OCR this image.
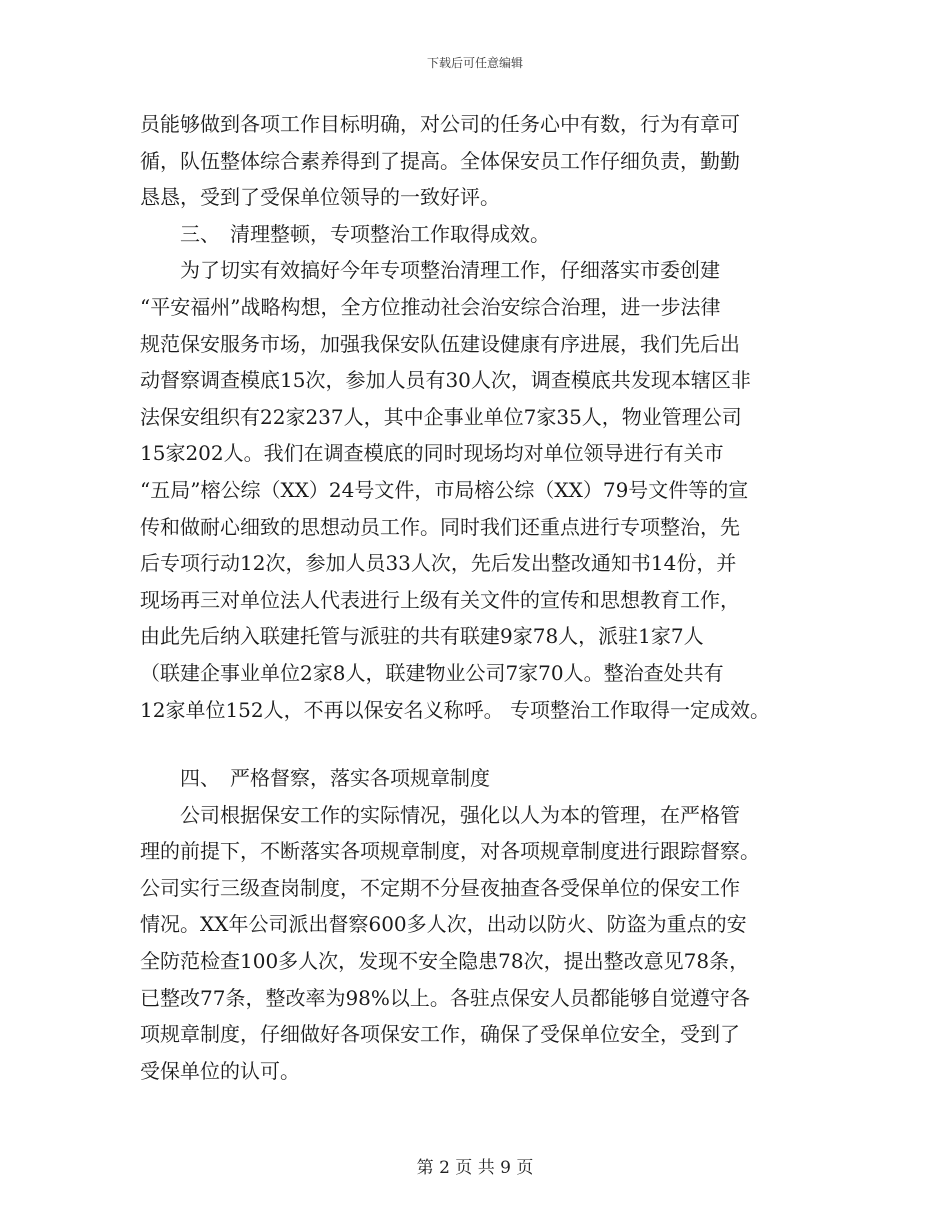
下载后可任意编辑
员能够做到各项工作目标明确，对公司的任务心中有数，行为有章可
循，队伍整体综合素养得到了提高。全体保安员工作仔细负责，勤勤
恳恳，受到了受保单位领导的一致好评。
　　三、　清理整顿，专项整治工作取得成效。
　　为了切实有效搞好今年专项整治清理工作，仔细落实市委创建
“平安福州”战略构想，全方位推动社会治安综合治理，进一步法律
规范保安服务市场，加强我保安队伍建设健康有序进展，我们先后出
动督察调查模底15次，参加人员有30人次，调查模底共发现本辖区非
法保安组织有22家237人，其中企事业单位7家35人，物业管理公司
15家202人。我们在调查模底的同时现场均对单位领导进行有关市
“五局”榕公综（XX）24号文件，市局榕公综（XX）79号文件等的宣
传和做耐心细致的思想动员工作。同时我们还重点进行专项整治，先
后专项行动12次，参加人员33人次，先后发出整改通知书14份，并
现场再三对单位法人代表进行上级有关文件的宣传和思想教育工作，
由此先后纳入联建托管与派驻的共有联建9家78人，派驻1家7人
（联建企事业单位2家8人，联建物业公司7家70人。整治查处共有
12家单位152人，不再以保安名义称呼。 专项整治工作取得一定成效。
　　四、　严格督察，落实各项规章制度
　　公司根据保安工作的实际情况，强化以人为本的管理，在严格管
理的前提下，不断落实各项规章制度，对各项规章制度进行跟踪督察。
公司实行三级查岗制度，不定期不分昼夜抽查各受保单位的保安工作
情况。XX年公司派出督察600多人次，出动以防火、防盗为重点的安
全防范检查100多人次，发现不安全隐患78次，提出整改意见78条，
已整改77条，整改率为98%以上。各驻点保安人员都能够自觉遵守各
项规章制度，仔细做好各项保安工作，确保了受保单位安全，受到了
受保单位的认可。
第 2 页 共 9 页
